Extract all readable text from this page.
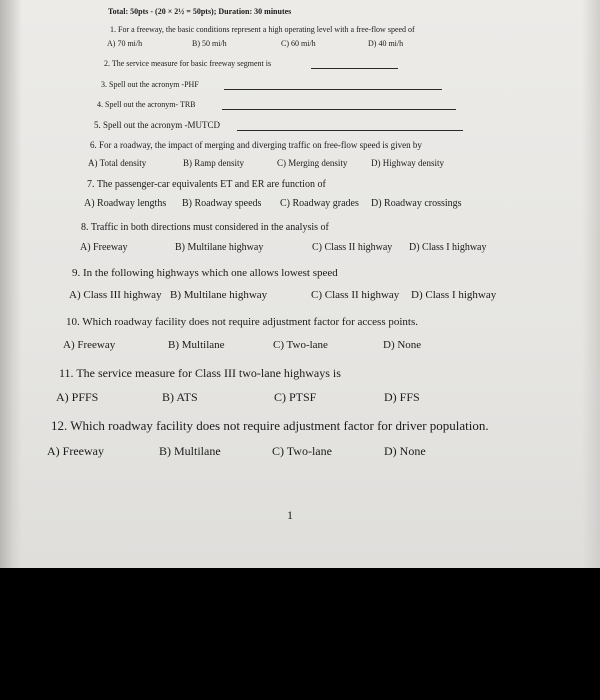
Total: 50pts - (20 × 2½ = 50pts); Duration: 30 minutes
1. For a freeway, the basic conditions represent a high operating level with a free-flow speed of
A) 70 mi/h	B) 50 mi/h	C) 60 mi/h	D) 40 mi/h
2. The service measure for basic freeway segment is
3. Spell out the acronym -PHF
4. Spell out the acronym- TRB
5. Spell out the acronym -MUTCD
6. For a roadway, the impact of merging and diverging traffic on free-flow speed is given by
A) Total density	B) Ramp density	C) Merging density	D) Highway density
7. The passenger-car equivalents ET and ER are function of
A) Roadway lengths B) Roadway speeds C) Roadway grades D) Roadway crossings
8. Traffic in both directions must considered in the analysis of
A) Freeway	B) Multilane highway	C) Class II highway D) Class I highway
9. In the following highways which one allows lowest speed
A) Class III highway B) Multilane highway	C) Class II highway D) Class I highway
10. Which roadway facility does not require adjustment factor for access points.
A) Freeway	B) Multilane	C) Two-lane	D) None
11. The service measure for Class III two-lane highways is
A) PFFS	B) ATS	C) PTSF	D) FFS
12. Which roadway facility does not require adjustment factor for driver population.
A) Freeway	B) Multilane	C) Two-lane	D) None
1
